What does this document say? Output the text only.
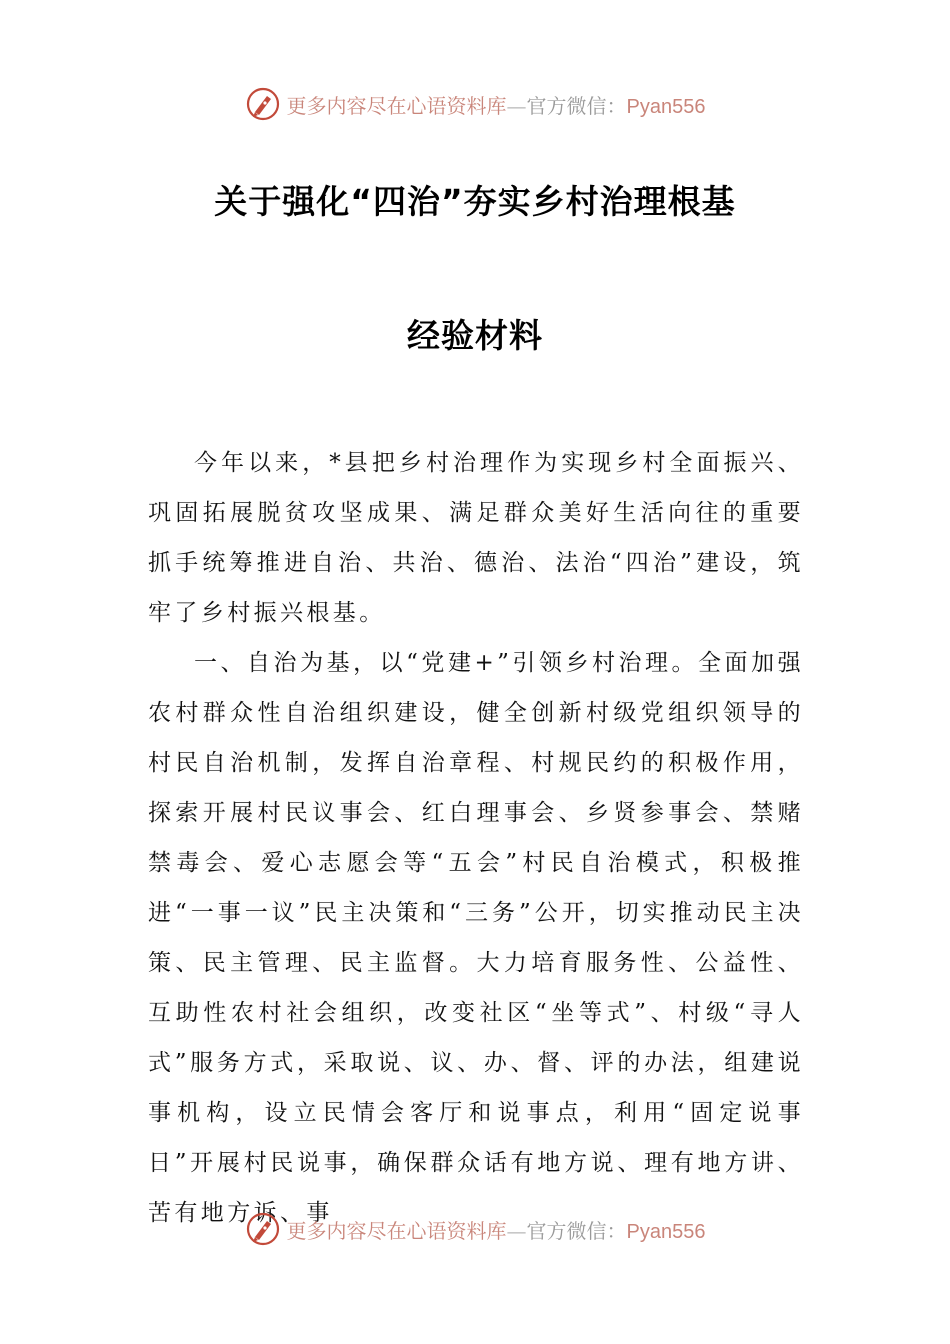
更多内容尽在心语资料库—官方微信：Pyan556
关于强化“四治”夯实乡村治理根基
经验材料

今年以来，*县把乡村治理作为实现乡村全面振兴、巩固拓展脱贫攻坚成果、满足群众美好生活向往的重要抓手统筹推进自治、共治、德治、法治“四治”建设，筑牢了乡村振兴根基。

一、自治为基，以“党建+”引领乡村治理。全面加强农村群众性自治组织建设，健全创新村级党组织领导的村民自治机制，发挥自治章程、村规民约的积极作用，探索开展村民议事会、红白理事会、乡贤参事会、禁赌禁毒会、爱心志愿会等“五会”村民自治模式，积极推进“一事一议”民主决策和“三务”公开，切实推动民主决策、民主管理、民主监督。大力培育服务性、公益性、互助性农村社会组织，改变社区“坐等式”、村级“寻人式”服务方式，采取说、议、办、督、评的办法，组建说事机构，设立民情会客厅和说事点，利用“固定说事日”开展村民说事，确保群众话有地方说、理有地方讲、苦有地方诉、事

更多内容尽在心语资料库—官方微信：Pyan556
